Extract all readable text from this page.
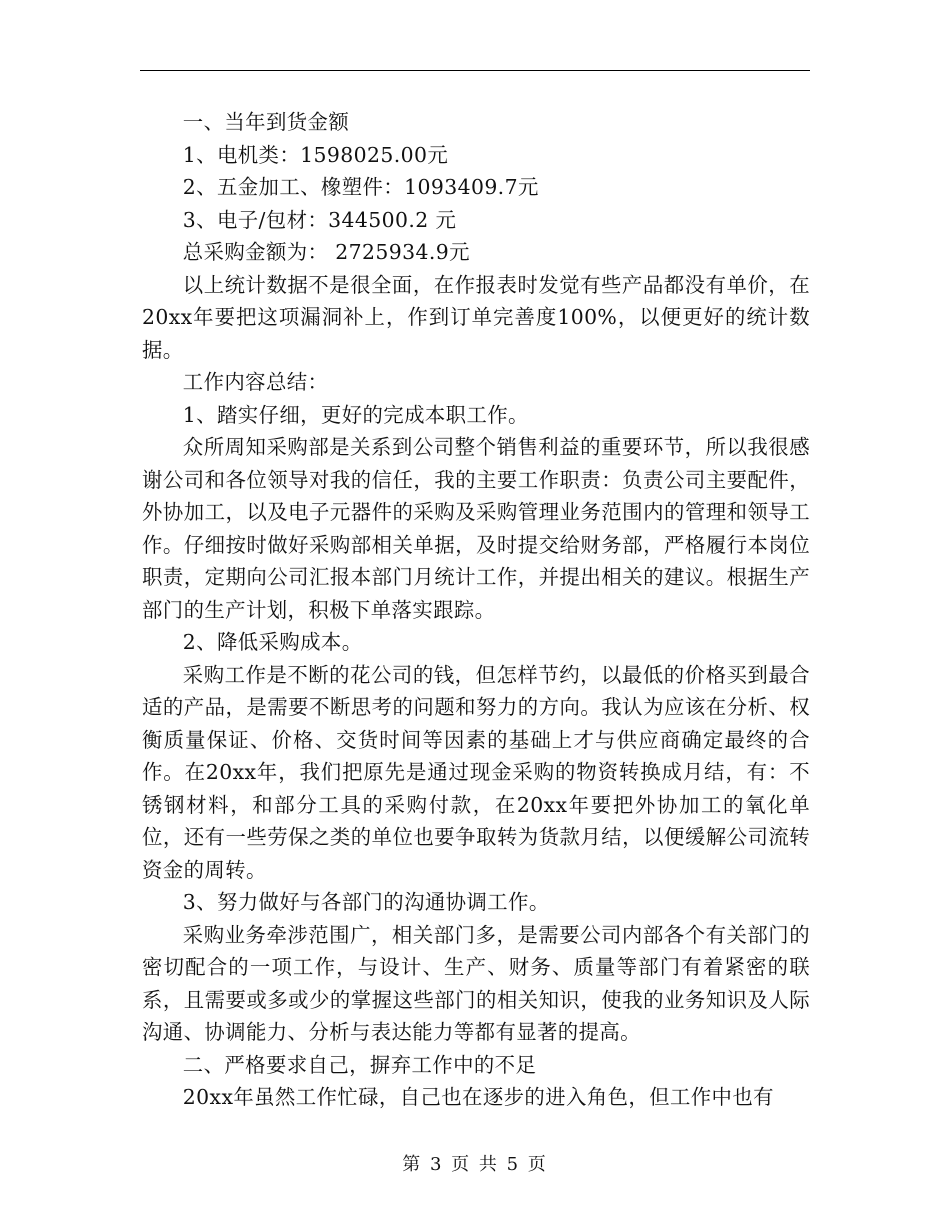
一、当年到货金额

1、电机类：1598025.00元

2、五金加工、橡塑件：1093409.7元

3、电子/包材：344500.2 元

总采购金额为： 2725934.9元

以上统计数据不是很全面，在作报表时发觉有些产品都没有单价，在20xx年要把这项漏洞补上，作到订单完善度100%，以便更好的统计数据。

工作内容总结：

1、踏实仔细，更好的完成本职工作。

众所周知采购部是关系到公司整个销售利益的重要环节，所以我很感谢公司和各位领导对我的信任，我的主要工作职责：负责公司主要配件，外协加工，以及电子元器件的采购及采购管理业务范围内的管理和领导工作。仔细按时做好采购部相关单据，及时提交给财务部，严格履行本岗位职责，定期向公司汇报本部门月统计工作，并提出相关的建议。根据生产部门的生产计划，积极下单落实跟踪。

2、降低采购成本。

采购工作是不断的花公司的钱，但怎样节约，以最低的价格买到最合适的产品，是需要不断思考的问题和努力的方向。我认为应该在分析、权衡质量保证、价格、交货时间等因素的基础上才与供应商确定最终的合作。在20xx年，我们把原先是通过现金采购的物资转换成月结，有：不锈钢材料，和部分工具的采购付款，在20xx年要把外协加工的氧化单位，还有一些劳保之类的单位也要争取转为货款月结，以便缓解公司流转资金的周转。

3、努力做好与各部门的沟通协调工作。

采购业务牵涉范围广，相关部门多，是需要公司内部各个有关部门的密切配合的一项工作，与设计、生产、财务、质量等部门有着紧密的联系，且需要或多或少的掌握这些部门的相关知识，使我的业务知识及人际沟通、协调能力、分析与表达能力等都有显著的提高。

二、严格要求自己，摒弃工作中的不足

20xx年虽然工作忙碌，自己也在逐步的进入角色，但工作中也有

第 3 页 共 5 页
